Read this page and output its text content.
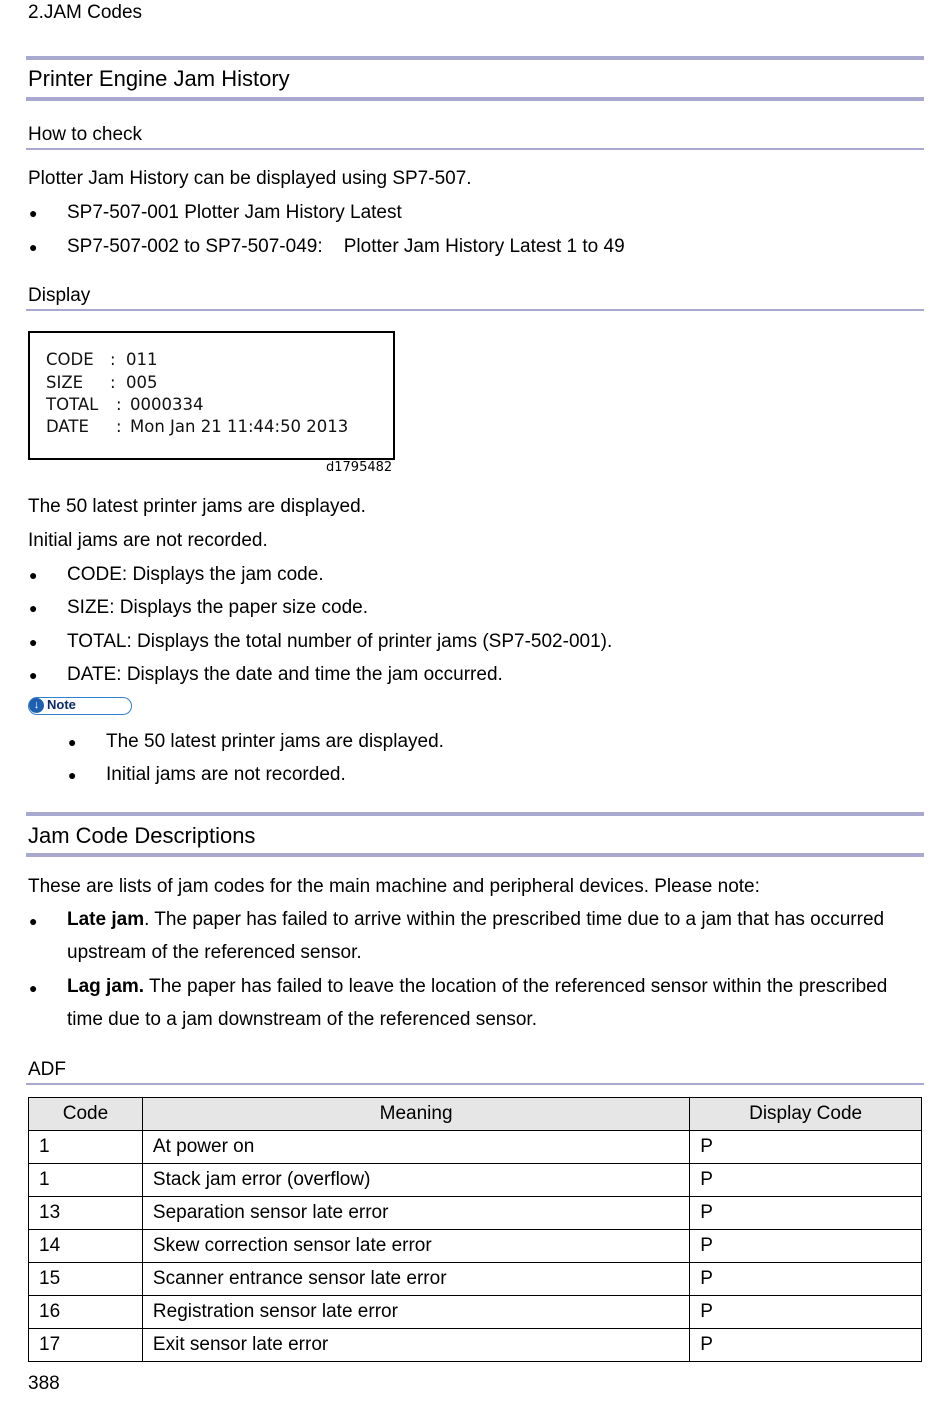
2.JAM Codes
Printer Engine Jam History
How to check
Plotter Jam History can be displayed using SP7-507.
● SP7-507-001 Plotter Jam History Latest
● SP7-507-002 to SP7-507-049:    Plotter Jam History Latest 1 to 49
Display
CODE : 011
SIZE : 005
TOTAL : 0000334
DATE : Mon Jan 21 11:44:50 2013
d1795482
The 50 latest printer jams are displayed.
Initial jams are not recorded.
● CODE: Displays the jam code.
● SIZE: Displays the paper size code.
● TOTAL: Displays the total number of printer jams (SP7-502-001).
● DATE: Displays the date and time the jam occurred.
↓ Note
● The 50 latest printer jams are displayed.
● Initial jams are not recorded.
Jam Code Descriptions
These are lists of jam codes for the main machine and peripheral devices. Please note:
● Late jam. The paper has failed to arrive within the prescribed time due to a jam that has occurred upstream of the referenced sensor.
● Lag jam. The paper has failed to leave the location of the referenced sensor within the prescribed time due to a jam downstream of the referenced sensor.
ADF
Code	Meaning	Display Code
1	At power on	P
1	Stack jam error (overflow)	P
13	Separation sensor late error	P
14	Skew correction sensor late error	P
15	Scanner entrance sensor late error	P
16	Registration sensor late error	P
17	Exit sensor late error	P
388
